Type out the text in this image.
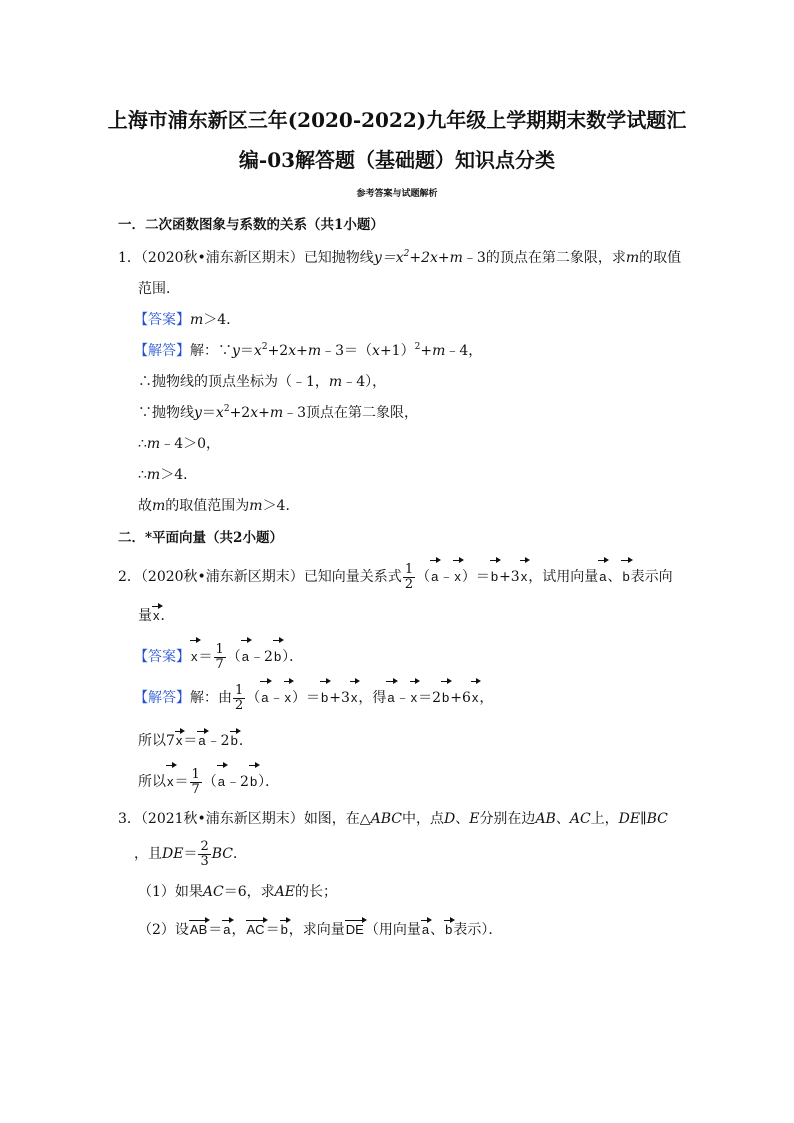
上海市浦东新区三年(2020-2022)九年级上学期期末数学试题汇
编-03解答题（基础题）知识点分类
参考答案与试题解析
一．二次函数图象与系数的关系（共1小题）
1．（2020秋•浦东新区期末）已知抛物线$y=x^2+2x+m﹣3$的顶点在第二象限，求m的取值
范围．
【答案】m＞4．
【解答】解：$\because y=x^2+2x+m﹣3=(x+1)^2+m﹣4$，
∴抛物线的顶点坐标为（﹣1，m﹣4），
∵抛物线$y=x^2+2x+m﹣3$顶点在第二象限，
∴m﹣4＞0，
∴m＞4．
故m的取值范围为m＞4．
二．*平面向量（共2小题）
2．（2020秋•浦东新区期末）已知向量关系式 $\frac{1}{2}$ （a﹣x）＝b+3x，试用向量a、b表示向
量x．
【答案】$x= \frac{1}{7}$ （a﹣2b）．
【解答】解：由 $\frac{1}{2}$ （a﹣x）＝b+3x，得a﹣x＝2b+6x，
所以7x＝a﹣2b．
所以$x= \frac{1}{7}$ （a﹣2b）．
3．（2021秋•浦东新区期末）如图，在△ABC中，点D、E分别在边AB、AC上，DE∥BC
，且$DE= \frac{2}{3}$ BC．
（1）如果AC＝6，求AE的长；
（2）设AB＝a，AC＝b，求向量DE（用向量a、b表示）．
